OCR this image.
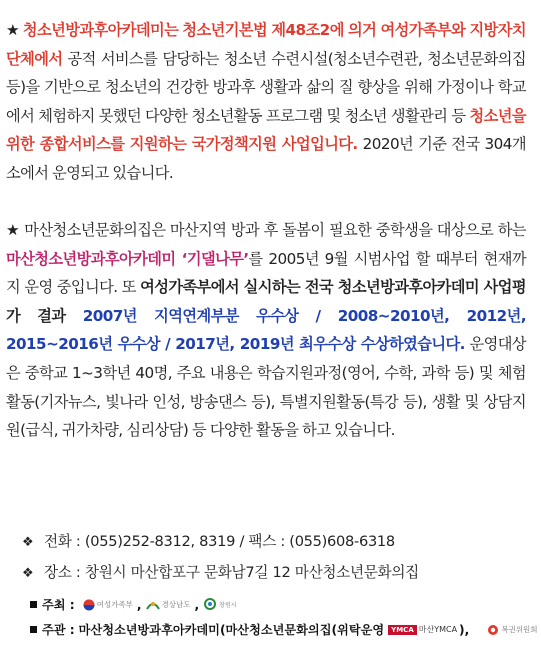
★ 청소년방과후아카데미는 청소년기본법 제48조2에 의거 여성가족부와 지방자치단체에서 공적 서비스를 담당하는 청소년 수련시설(청소년수련관, 청소년문화의집 등)을 기반으로 청소년의 건강한 방과후 생활과 삶의 질 향상을 위해 가정이나 학교에서 체험하지 못했던 다양한 청소년활동 프로그램 및 청소년 생활관리 등 청소년을 위한 종합서비스를 지원하는 국가정책지원 사업입니다. 2020년 기준 전국 304개소에서 운영되고 있습니다.
★ 마산청소년문화의집은 마산지역 방과 후 돌봄이 필요한 중학생을 대상으로 하는 마산청소년방과후아카데미 ‘기댈나무’를 2005년 9월 시범사업 할 때부터 현재까지 운영 중입니다. 또 여성가족부에서 실시하는 전국 청소년방과후아카데미 사업평가 결과 2007년 지역연계부분 우수상 / 2008~2010년, 2012년, 2015~2016년 우수상 / 2017년, 2019년 최우수상 수상하였습니다. 운영대상은 중학교 1~3학년 40명, 주요 내용은 학습지원과정(영어, 수학, 과학 등) 및 체험활동(기자뉴스, 빛나라 인성, 방송댄스 등), 특별지원활동(특강 등), 생활 및 상담지원(급식, 귀가차량, 심리상담) 등 다양한 활동을 하고 있습니다.
❖ 전화 : (055)252-8312, 8319 / 팩스 : (055)608-6318
❖ 장소 : 창원시 마산합포구 문화남7길 12 마산청소년문화의집
주최 :	여성가족부 ,	경상남도 ,	창원시
주관 : 마산청소년방과후아카데미(마산청소년문화의집(위탁운영	YMCA 마산YMCA ),	복권위원회
